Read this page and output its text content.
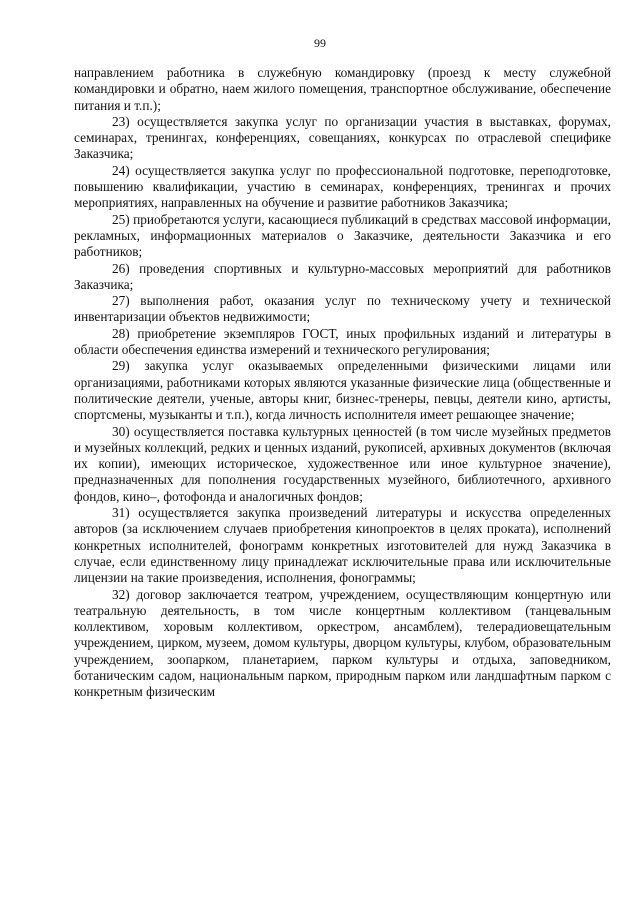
99

направлением работника в служебную командировку (проезд к месту служебной командировки и обратно, наем жилого помещения, транспортное обслуживание, обеспечение питания и т.п.);

23) осуществляется закупка услуг по организации участия в выставках, форумах, семинарах, тренингах, конференциях, совещаниях, конкурсах по отраслевой специфике Заказчика;

24) осуществляется закупка услуг по профессиональной подготовке, переподготовке, повышению квалификации, участию в семинарах, конференциях, тренингах и прочих мероприятиях, направленных на обучение и развитие работников Заказчика;

25) приобретаются услуги, касающиеся публикаций в средствах массовой информации, рекламных, информационных материалов о Заказчике, деятельности Заказчика и его работников;

26) проведения спортивных и культурно-массовых мероприятий для работников Заказчика;

27) выполнения работ, оказания услуг по техническому учету и технической инвентаризации объектов недвижимости;

28) приобретение экземпляров ГОСТ, иных профильных изданий и литературы в области обеспечения единства измерений и технического регулирования;

29) закупка услуг оказываемых определенными физическими лицами или организациями, работниками которых являются указанные физические лица (общественные и политические деятели, ученые, авторы книг, бизнес-тренеры, певцы, деятели кино, артисты, спортсмены, музыканты и т.п.), когда личность исполнителя имеет решающее значение;

30) осуществляется поставка культурных ценностей (в том числе музейных предметов и музейных коллекций, редких и ценных изданий, рукописей, архивных документов (включая их копии), имеющих историческое, художественное или иное культурное значение), предназначенных для пополнения государственных музейного, библиотечного, архивного фондов, кино–, фотофонда и аналогичных фондов;

31) осуществляется закупка произведений литературы и искусства определенных авторов (за исключением случаев приобретения кинопроектов в целях проката), исполнений конкретных исполнителей, фонограмм конкретных изготовителей для нужд Заказчика в случае, если единственному лицу принадлежат исключительные права или исключительные лицензии на такие произведения, исполнения, фонограммы;

32) договор заключается театром, учреждением, осуществляющим концертную или театральную деятельность, в том числе концертным коллективом (танцевальным коллективом, хоровым коллективом, оркестром, ансамблем), телерадиовещательным учреждением, цирком, музеем, домом культуры, дворцом культуры, клубом, образовательным учреждением, зоопарком, планетарием, парком культуры и отдыха, заповедником, ботаническим садом, национальным парком, природным парком или ландшафтным парком с конкретным физическим
